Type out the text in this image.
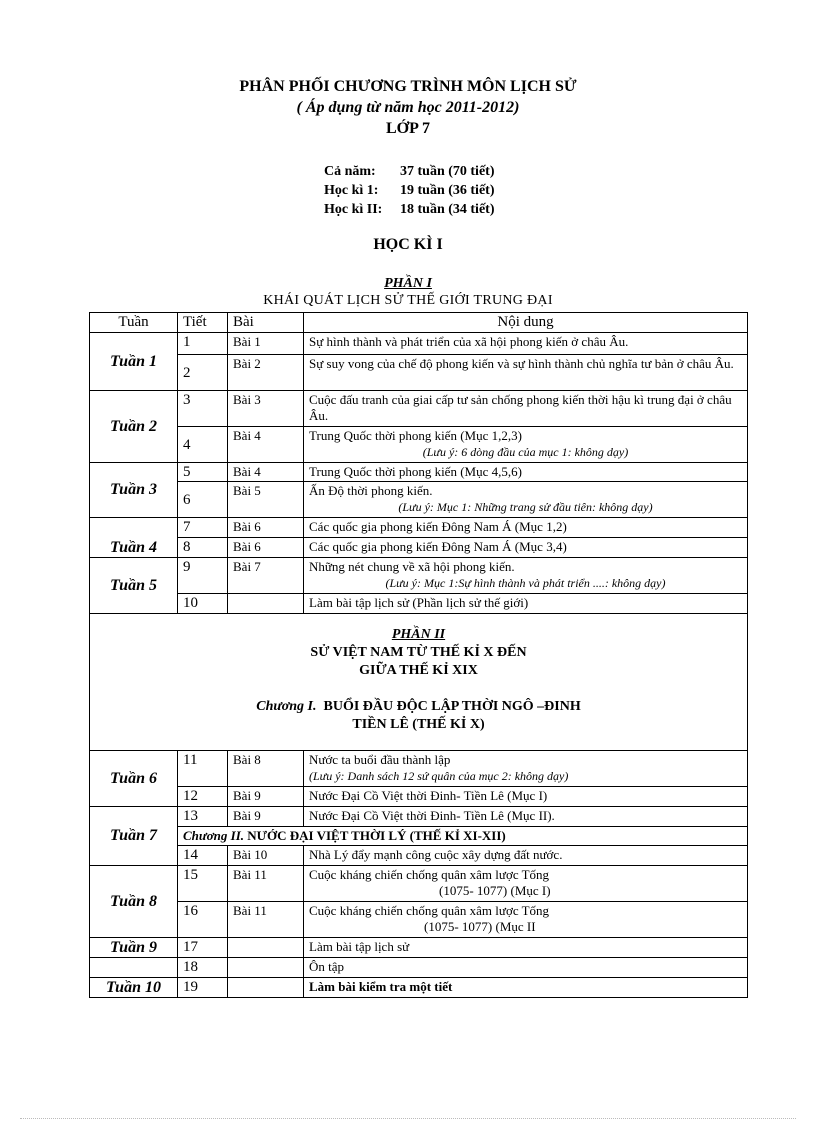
PHÂN PHỐI CHƯƠNG TRÌNH MÔN LỊCH SỬ
( Áp dụng từ năm học 2011-2012)
LỚP 7
Cả năm: 37 tuần (70 tiết)
Học kì 1: 19 tuần (36 tiết)
Học kì II: 18 tuần (34 tiết)
HỌC KÌ I
PHẦN I
KHÁI QUÁT LỊCH SỬ THẾ GIỚI TRUNG ĐẠI
Tuần	Tiết	Bài	Nội dung
Tuần 1	1	Bài 1	Sự hình thành và phát triển của xã hội phong kiến ở châu Âu.
	2	Bài 2	Sự suy vong của chế độ phong kiến và sự hình thành chủ nghĩa tư bản ở châu Âu.
Tuần 2	3	Bài 3	Cuộc đấu tranh của giai cấp tư sản chống phong kiến thời hậu kì trung đại ở châu Âu.
	4	Bài 4	Trung Quốc thời phong kiến (Mục 1,2,3)
(Lưu ý: 6 dòng đầu của mục 1: không dạy)

Tuần 3	5	Bài 4	Trung Quốc thời phong kiến (Mục 4,5,6)
	6	Bài 5	Ấn Độ thời phong kiến.
(Lưu ý: Mục 1: Những trang sử đầu tiên: không dạy)

Tuần 4	7	Bài 6	Các quốc gia phong kiến Đông Nam Á (Mục 1,2)
	8	Bài 6	Các quốc gia phong kiến Đông Nam Á (Mục 3,4)
Tuần 5	9	Bài 7	Những nét chung về xã hội phong kiến.
(Lưu ý: Mục 1:Sự hình thành và phát triển ....: không dạy)

	10		Làm bài tập lịch sử (Phần lịch sử thế giới)

PHẦN II
SỬ VIỆT NAM TỪ THẾ KỈ X ĐẾN
GIỮA THẾ KỈ XIX
Chương I. BUỔI ĐẦU ĐỘC LẬP THỜI NGÔ –ĐINH
TIỀN LÊ (THẾ KỈ X)			

Tuần 6	11	Bài 8	Nước ta buổi đầu thành lập
(Lưu ý: Danh sách 12 sứ quân của mục 2: không dạy)

	12	Bài 9	Nước Đại Cồ Việt thời Đinh- Tiền Lê (Mục I)
Tuần 7	13	Bài 9	Nước Đại Cồ Việt thời Đinh- Tiền Lê (Mục II).
	Chương II. NƯỚC ĐẠI VIỆT THỜI LÝ (THẾ KỈ XI-XII)		
	14	Bài 10	Nhà Lý đẩy mạnh công cuộc xây dựng đất nước.
Tuần 8	15	Bài 11	Cuộc kháng chiến chống quân xâm lược Tống
(1075- 1077) (Mục I)

	16	Bài 11	Cuộc kháng chiến chống quân xâm lược Tống
(1075- 1077) (Mục II

Tuần 9	17		Làm bài tập lịch sử
	18		Ôn tập
Tuần 10	19		Làm bài kiểm tra một tiết
